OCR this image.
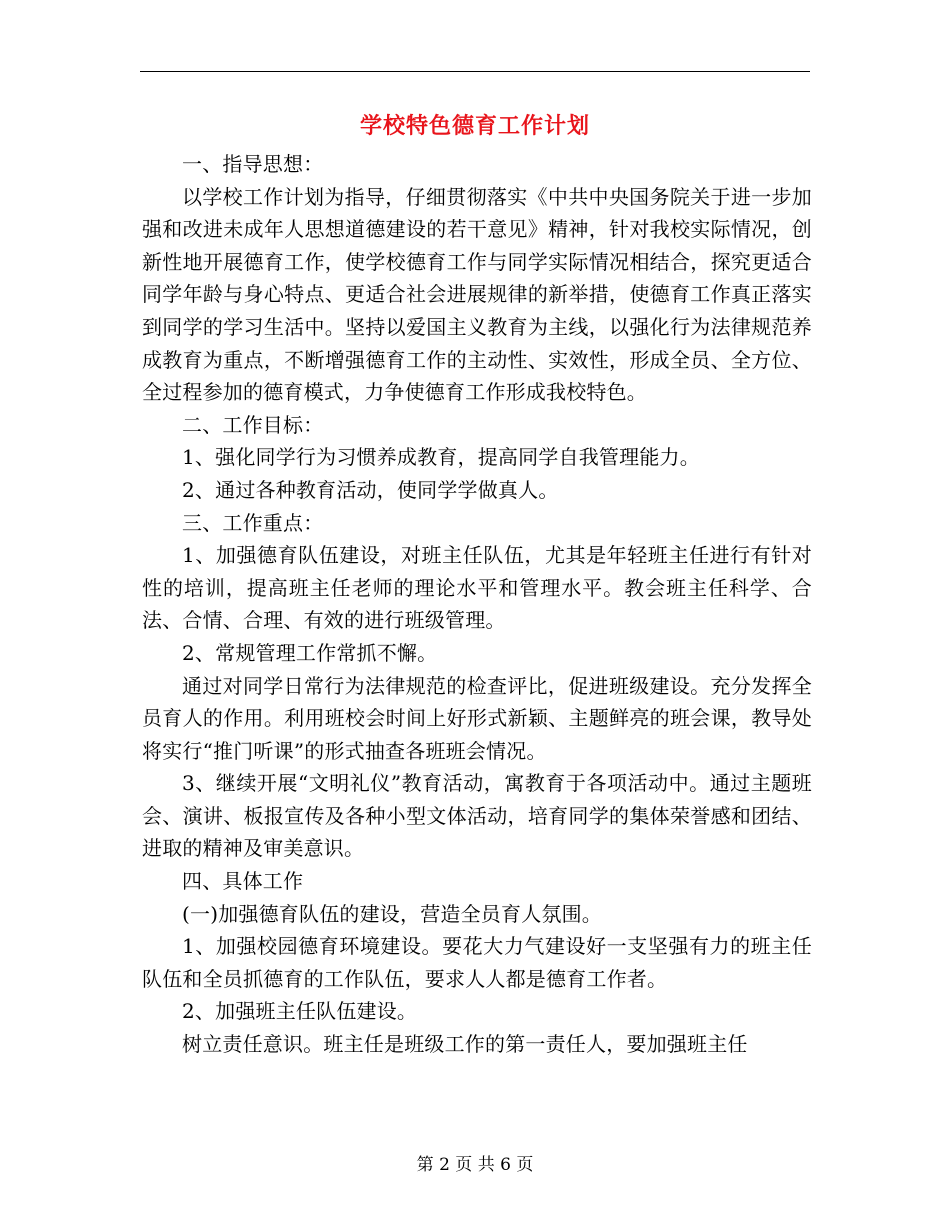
学校特色德育工作计划

一、指导思想：

以学校工作计划为指导，仔细贯彻落实《中共中央国务院关于进一步加强和改进未成年人思想道德建设的若干意见》精神，针对我校实际情况，创新性地开展德育工作，使学校德育工作与同学实际情况相结合，探究更适合同学年龄与身心特点、更适合社会进展规律的新举措，使德育工作真正落实到同学的学习生活中。坚持以爱国主义教育为主线，以强化行为法律规范养成教育为重点，不断增强德育工作的主动性、实效性，形成全员、全方位、全过程参加的德育模式，力争使德育工作形成我校特色。

二、工作目标：

1、强化同学行为习惯养成教育，提高同学自我管理能力。

2、通过各种教育活动，使同学学做真人。

三、工作重点：

1、加强德育队伍建设，对班主任队伍，尤其是年轻班主任进行有针对性的培训，提高班主任老师的理论水平和管理水平。教会班主任科学、合法、合情、合理、有效的进行班级管理。

2、常规管理工作常抓不懈。

通过对同学日常行为法律规范的检查评比，促进班级建设。充分发挥全员育人的作用。利用班校会时间上好形式新颖、主题鲜亮的班会课，教导处将实行“推门听课”的形式抽查各班班会情况。

3、继续开展“文明礼仪”教育活动，寓教育于各项活动中。通过主题班会、演讲、板报宣传及各种小型文体活动，培育同学的集体荣誉感和团结、进取的精神及审美意识。

四、具体工作

(一)加强德育队伍的建设，营造全员育人氛围。

1、加强校园德育环境建设。要花大力气建设好一支坚强有力的班主任队伍和全员抓德育的工作队伍，要求人人都是德育工作者。

2、加强班主任队伍建设。

树立责任意识。班主任是班级工作的第一责任人，要加强班主任

第 2 页 共 6 页
